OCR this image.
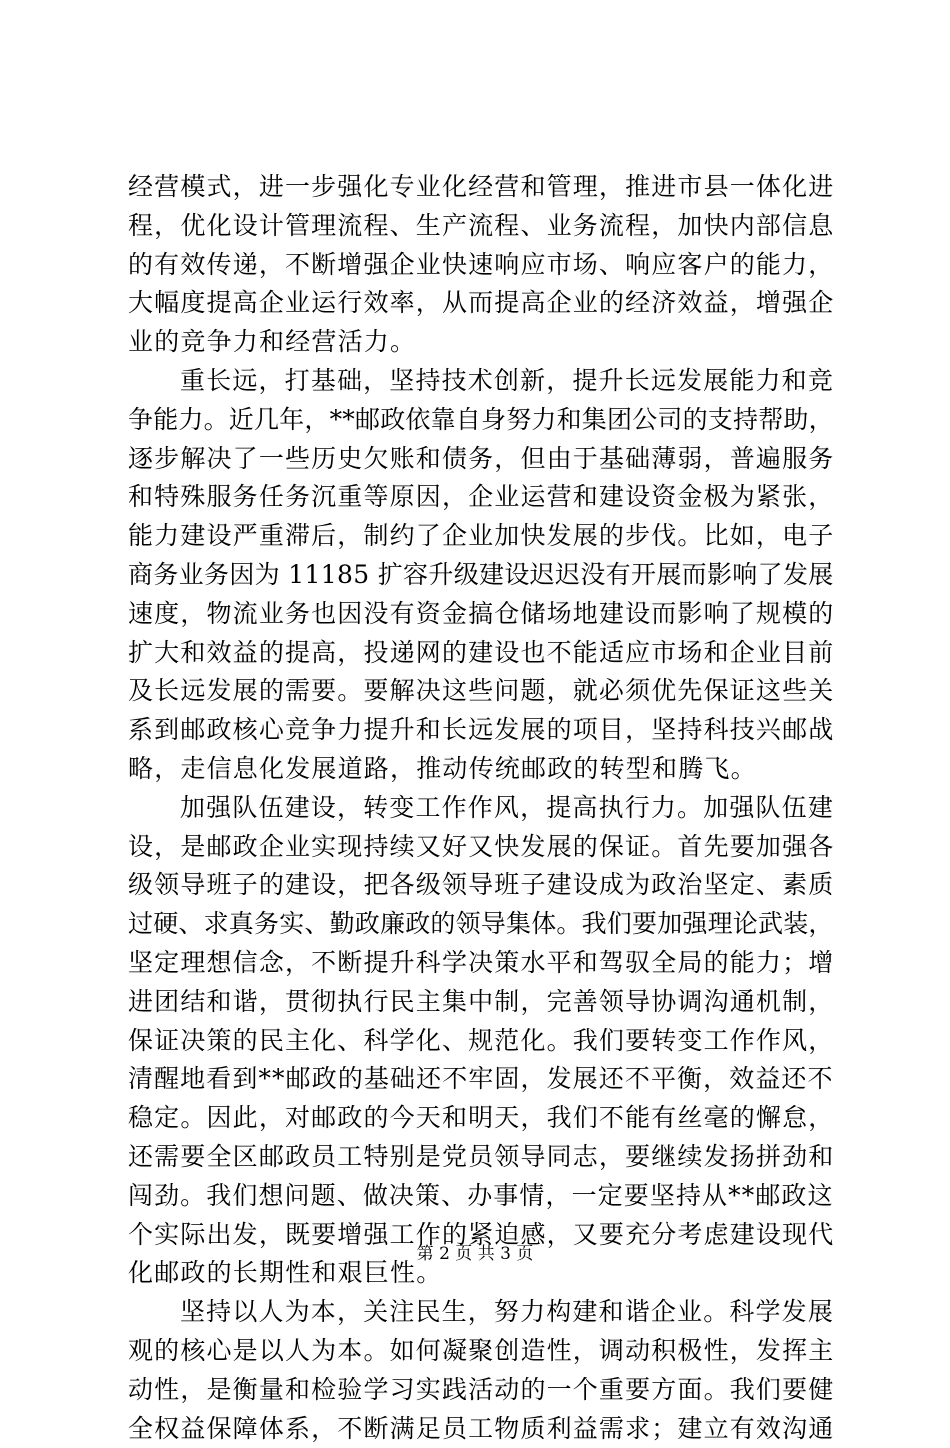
经营模式，进一步强化专业化经营和管理，推进市县一体化进
程，优化设计管理流程、生产流程、业务流程，加快内部信息
的有效传递，不断增强企业快速响应市场、响应客户的能力，
大幅度提高企业运行效率，从而提高企业的经济效益，增强企
业的竞争力和经营活力。
重长远，打基础，坚持技术创新，提升长远发展能力和竞
争能力。近几年，**邮政依靠自身努力和集团公司的支持帮助，
逐步解决了一些历史欠账和债务，但由于基础薄弱，普遍服务
和特殊服务任务沉重等原因，企业运营和建设资金极为紧张，
能力建设严重滞后，制约了企业加快发展的步伐。比如，电子
商务业务因为 11185 扩容升级建设迟迟没有开展而影响了发展
速度，物流业务也因没有资金搞仓储场地建设而影响了规模的
扩大和效益的提高，投递网的建设也不能适应市场和企业目前
及长远发展的需要。要解决这些问题，就必须优先保证这些关
系到邮政核心竞争力提升和长远发展的项目，坚持科技兴邮战
略，走信息化发展道路，推动传统邮政的转型和腾飞。
加强队伍建设，转变工作作风，提高执行力。加强队伍建
设，是邮政企业实现持续又好又快发展的保证。首先要加强各
级领导班子的建设，把各级领导班子建设成为政治坚定、素质
过硬、求真务实、勤政廉政的领导集体。我们要加强理论武装，
坚定理想信念，不断提升科学决策水平和驾驭全局的能力；增
进团结和谐，贯彻执行民主集中制，完善领导协调沟通机制，
保证决策的民主化、科学化、规范化。我们要转变工作作风，
清醒地看到**邮政的基础还不牢固，发展还不平衡，效益还不
稳定。因此，对邮政的今天和明天，我们不能有丝毫的懈怠，
还需要全区邮政员工特别是党员领导同志，要继续发扬拼劲和
闯劲。我们想问题、做决策、办事情，一定要坚持从**邮政这
个实际出发，既要增强工作的紧迫感，又要充分考虑建设现代
化邮政的长期性和艰巨性。
坚持以人为本，关注民生，努力构建和谐企业。科学发展
观的核心是以人为本。如何凝聚创造性，调动积极性，发挥主
动性，是衡量和检验学习实践活动的一个重要方面。我们要健
全权益保障体系，不断满足员工物质利益需求；建立有效沟通
第 2 页 共 3 页
